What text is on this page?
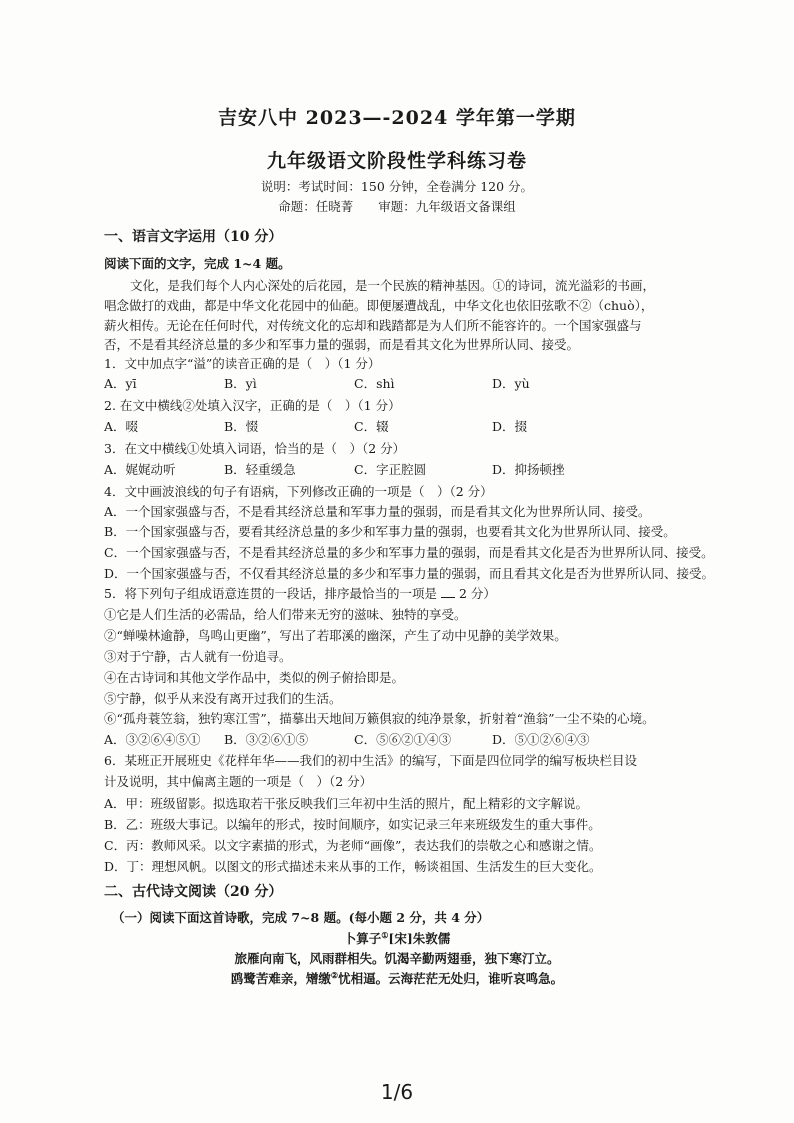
吉安八中 2023—-2024 学年第一学期
九年级语文阶段性学科练习卷
说明：考试时间：150 分钟，全卷满分 120 分。
命题：任晓菁　　审题：九年级语文备课组
一、语言文字运用（10 分）
阅读下面的文字，完成 1~4 题。
文化，是我们每个人内心深处的后花园，是一个民族的精神基因。①的诗词，流光溢彩的书画，
唱念做打的戏曲，都是中华文化花园中的仙葩。即便屡遭战乱，中华文化也依旧弦歌不②（chuò），
薪火相传。无论在任何时代，对传统文化的忘却和践踏都是为人们所不能容许的。一个国家强盛与
否，不是看其经济总量的多少和军事力量的强弱，而是看其文化为世界所认同、接受。
1．文中加点字“溢”的读音正确的是（　）（1 分）
A．yī	B．yì	C．shì	D．yù
2. 在文中横线②处填入汉字，正确的是（　）（1 分）
A．啜	B．惙	C．辍	D．掇
3．在文中横线①处填入词语，恰当的是（　）（2 分）
A．娓娓动听	B．轻重缓急	C．字正腔圆	D．抑扬顿挫
4．文中画波浪线的句子有语病，下列修改正确的一项是（　）（2 分）
A．一个国家强盛与否，不是看其经济总量和军事力量的强弱，而是看其文化为世界所认同、接受。
B．一个国家强盛与否，要看其经济总量的多少和军事力量的强弱，也要看其文化为世界所认同、接受。
C．一个国家强盛与否，不是看其经济总量的多少和军事力量的强弱，而是看其文化是否为世界所认同、接受。
D．一个国家强盛与否，不仅看其经济总量的多少和军事力量的强弱，而且看其文化是否为世界所认同、接受。
5．将下列句子组成语意连贯的一段话，排序最恰当的一项是 2 分）
①它是人们生活的必需品，给人们带来无穷的滋味、独特的享受。
②“蝉噪林逾静，鸟鸣山更幽”，写出了若耶溪的幽深，产生了动中见静的美学效果。
③对于宁静，古人就有一份追寻。
④在古诗词和其他文学作品中，类似的例子俯拾即是。
⑤宁静，似乎从来没有离开过我们的生活。
⑥“孤舟蓑笠翁，独钓寒江雪”，描摹出天地间万籁俱寂的纯净景象，折射着“渔翁”一尘不染的心境。
A．③②⑥④⑤① B．③②⑥①⑤	C．⑤⑥②①④③	D．⑤①②⑥④③
6．某班正开展班史《花样年华——我们的初中生活》的编写，下面是四位同学的编写板块栏目设
计及说明，其中偏离主题的一项是（　）（2 分）
A．甲：班级留影。拟选取若干张反映我们三年初中生活的照片，配上精彩的文字解说。
B．乙：班级大事记。以编年的形式，按时间顺序，如实记录三年来班级发生的重大事件。
C．丙：教师风采。以文字素描的形式，为老师“画像”，表达我们的崇敬之心和感谢之情。
D．丁：理想风帆。以图文的形式描述未来从事的工作，畅谈祖国、生活发生的巨大变化。
二、古代诗文阅读（20 分）
（一）阅读下面这首诗歌，完成 7~8 题。(每小题 2 分，共 4 分）
卜算子①[宋]朱敦儒
旅雁向南飞，风雨群相失。饥渴辛勤两翅垂，独下寒汀立。
鸥鹭苦难亲，矰缴②忧相逼。云海茫茫无处归，谁听哀鸣急。
1/6
